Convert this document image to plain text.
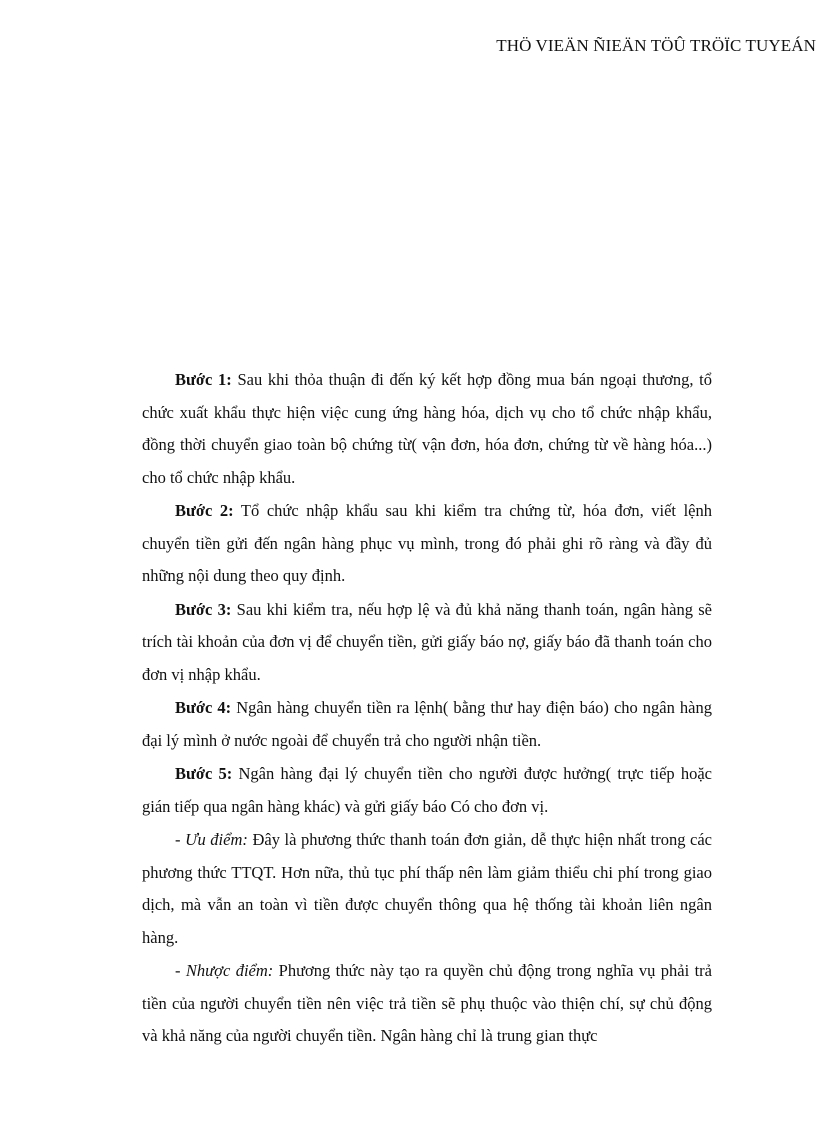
THÖ VIEÄN ÑIEÄN TÖÛ TRÖÏC TUYEÁN

Bước 1: Sau khi thỏa thuận đi đến ký kết hợp đồng mua bán ngoại thương, tổ chức xuất khẩu thực hiện việc cung ứng hàng hóa, dịch vụ cho tổ chức nhập khẩu, đồng thời chuyển giao toàn bộ chứng từ( vận đơn, hóa đơn, chứng từ về hàng hóa...) cho tổ chức nhập khẩu.

Bước 2: Tổ chức nhập khẩu sau khi kiểm tra chứng từ, hóa đơn, viết lệnh chuyển tiền gửi đến ngân hàng phục vụ mình, trong đó phải ghi rõ ràng và đầy đủ những nội dung theo quy định.

Bước 3: Sau khi kiểm tra, nếu hợp lệ và đủ khả năng thanh toán, ngân hàng sẽ trích tài khoản của đơn vị để chuyển tiền, gửi giấy báo nợ, giấy báo đã thanh toán cho đơn vị nhập khẩu.

Bước 4: Ngân hàng chuyển tiền ra lệnh( bằng thư hay điện báo) cho ngân hàng đại lý mình ở nước ngoài để chuyển trả cho người nhận tiền.

Bước 5: Ngân hàng đại lý chuyển tiền cho người được hưởng( trực tiếp hoặc gián tiếp qua ngân hàng khác) và gửi giấy báo Có cho đơn vị.

- Ưu điểm: Đây là phương thức thanh toán đơn giản, dễ thực hiện nhất trong các phương thức TTQT. Hơn nữa, thủ tục phí thấp nên làm giảm thiểu chi phí trong giao dịch, mà vẫn an toàn vì tiền được chuyển thông qua hệ thống tài khoản liên ngân hàng.

- Nhược điểm: Phương thức này tạo ra quyền chủ động trong nghĩa vụ phải trả tiền của người chuyển tiền nên việc trả tiền sẽ phụ thuộc vào thiện chí, sự chủ động và khả năng của người chuyển tiền. Ngân hàng chỉ là trung gian thực
